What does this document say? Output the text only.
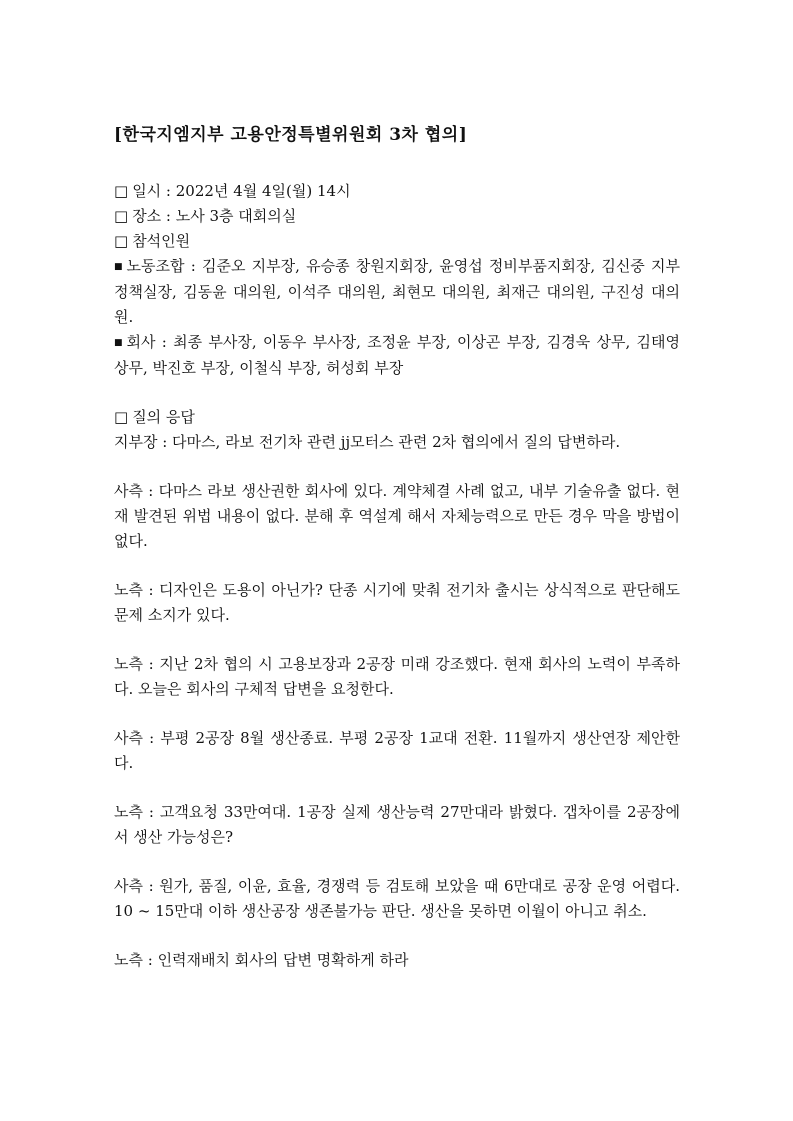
[한국지엠지부 고용안정특별위원회 3차 협의]

□ 일시 : 2022년 4월 4일(월) 14시

□ 장소 : 노사 3층 대회의실

□ 참석인원

■ 노동조합 : 김준오 지부장, 유승종 창원지회장, 윤영섭 정비부품지회장, 김신중 지부정책실장, 김동윤 대의원, 이석주 대의원, 최현모 대의원, 최재근 대의원, 구진성 대의원.

■ 회사 : 최종 부사장, 이동우 부사장, 조정윤 부장, 이상곤 부장, 김경욱 상무, 김태영 상무, 박진호 부장, 이철식 부장, 허성회 부장

□ 질의 응답

지부장 : 다마스, 라보 전기차 관련 jj모터스 관련 2차 협의에서 질의 답변하라.

사측 : 다마스 라보 생산권한 회사에 있다. 계약체결 사례 없고, 내부 기술유출 없다. 현재 발견된 위법 내용이 없다. 분해 후 역설계 해서 자체능력으로 만든 경우 막을 방법이 없다.

노측 : 디자인은 도용이 아닌가? 단종 시기에 맞춰 전기차 출시는 상식적으로 판단해도 문제 소지가 있다.

노측 : 지난 2차 협의 시 고용보장과 2공장 미래 강조했다. 현재 회사의 노력이 부족하다. 오늘은 회사의 구체적 답변을 요청한다.

사측 : 부평 2공장 8월 생산종료. 부평 2공장 1교대 전환. 11월까지 생산연장 제안한다.

노측 : 고객요청 33만여대. 1공장 실제 생산능력 27만대라 밝혔다. 갭차이를 2공장에서 생산 가능성은?

사측 : 원가, 품질, 이윤, 효율, 경쟁력 등 검토해 보았을 때 6만대로 공장 운영 어렵다. 10 ~ 15만대 이하 생산공장 생존불가능 판단. 생산을 못하면 이월이 아니고 취소.

노측 : 인력재배치 회사의 답변 명확하게 하라
